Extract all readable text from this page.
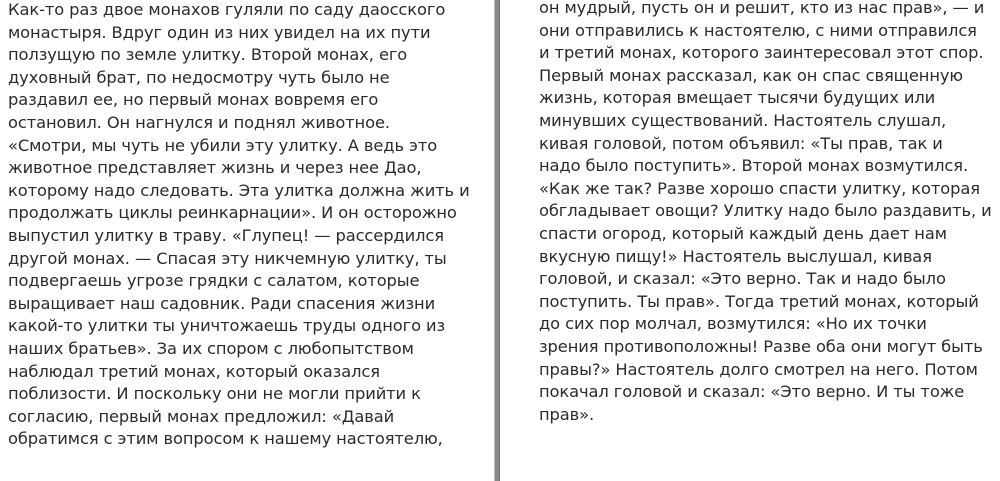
Как-то раз двое монахов гуляли по саду даосского
монастыря. Вдруг один из них увидел на их пути
ползущую по земле улитку. Второй монах, его
духовный брат, по недосмотру чуть было не
раздавил ее, но первый монах вовремя его
остановил. Он нагнулся и поднял животное.
«Смотри, мы чуть не убили эту улитку. А ведь это
животное представляет жизнь и через нее Дао,
которому надо следовать. Эта улитка должна жить и
продолжать циклы реинкарнации». И он осторожно
выпустил улитку в траву. «Глупец! — рассердился
другой монах. — Спасая эту никчемную улитку, ты
подвергаешь угрозе грядки с салатом, которые
выращивает наш садовник. Ради спасения жизни
какой-то улитки ты уничтожаешь труды одного из
наших братьев». За их спором с любопытством
наблюдал третий монах, который оказался
поблизости. И поскольку они не могли прийти к
согласию, первый монах предложил: «Давай
обратимся с этим вопросом к нашему настоятелю,
он мудрый, пусть он и решит, кто из нас прав», — и
они отправились к настоятелю, с ними отправился
и третий монах, которого заинтересовал этот спор.
Первый монах рассказал, как он спас священную
жизнь, которая вмещает тысячи будущих или
минувших существований. Настоятель слушал,
кивая головой, потом объявил: «Ты прав, так и
надо было поступить». Второй монах возмутился.
«Как же так? Разве хорошо спасти улитку, которая
обгладывает овощи? Улитку надо было раздавить, и
спасти огород, который каждый день дает нам
вкусную пищу!» Настоятель выслушал, кивая
головой, и сказал: «Это верно. Так и надо было
поступить. Ты прав». Тогда третий монах, который
до сих пор молчал, возмутился: «Но их точки
зрения противоположны! Разве оба они могут быть
правы?» Настоятель долго смотрел на него. Потом
покачал головой и сказал: «Это верно. И ты тоже
прав».
